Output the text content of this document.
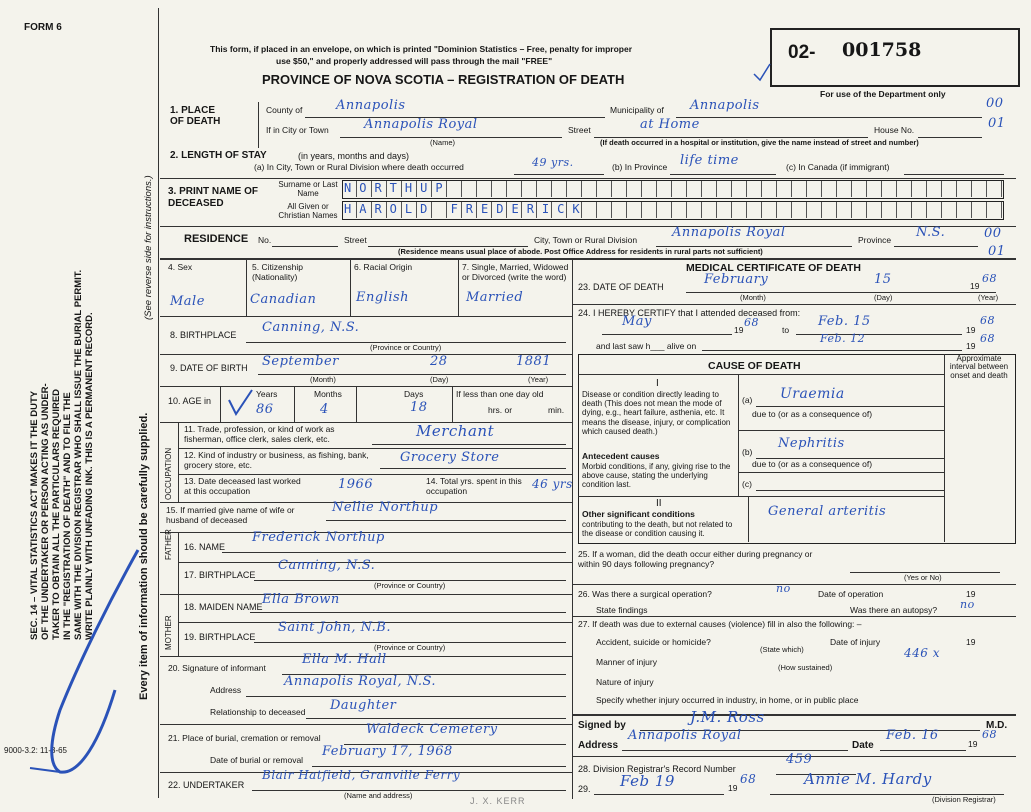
FORM 6
SEC. 14 – VITAL STATISTICS ACT MAKES IT THE DUTY OF THE UNDERTAKER OR PERSON ACTING AS UNDER- TAKER TO OBTAIN ALL THE PARTICULARS REQUIRED IN THE "REGISTRATION OF DEATH" AND TO FILE THE SAME WITH THE DIVISION REGISTRAR WHO SHALL ISSUE THE BURIAL PERMIT. WRITE PLAINLY WITH UNFADING INK. THIS IS A PERMANENT RECORD.	Every item of information should be carefully supplied.
(See reverse side for instructions.)
9000-3.2: 11-3-65
This form, if placed in an envelope, on which is printed "Dominion Statistics – Free, penalty for improper
use $50," and properly addressed will pass through the mail "FREE"
PROVINCE OF NOVA SCOTIA – REGISTRATION OF DEATH
02- 001758
For use of the Department only
1. PLACE OF DEATH
County of	Annapolis	Municipality of Annapolis	00
If in City or Town	Annapolis Royal
(Name)
Street	at Home	House No.	01
(If death occurred in a hospital or institution, give the name instead of street and number)
2. LENGTH OF STAY	(in years, months and days)
(a) In City, Town or Rural Division where death occurred	49 yrs.	(b) In Province life time	(c) In Canada (if immigrant)
3. PRINT NAME OF DECEASED
Surname or Last Name
All Given or Christian Names
NORTHUP
HAROLD FREDERICK
RESIDENCE No.	Street	City, Town or Rural Division	Annapolis Royal	Province N.S.	00
01
(Residence means usual place of abode. Post Office Address for residents in rural parts not sufficient)
4. Sex	5. Citizenship (Nationality)
6. Racial Origin	7. Single, Married, Widowed or Divorced (write the word)
Male	Canadian	English	Married
8. BIRTHPLACE Canning, N.S.
(Province or Country)
9. DATE OF BIRTH September	28	1881
(Month)	(Day)	(Year)
10. AGE in
Years	Months	Days
86	4	18
If less than one day old
hrs. or	min.
OCCUPATION
11. Trade, profession, or kind of work as fisherman, office clerk, sales clerk, etc.	Merchant
12. Kind of industry or business, as fishing, bank, grocery store, etc.	Grocery Store
13. Date deceased last worked at this occupation	1966	14. Total yrs. spent in this occupation	46 yrs
15. If married give name of wife or husband of deceased
Nellie Northup
FATHER 16. NAME
Frederick Northup
17. BIRTHPLACE
Canning, N.S.
(Province or Country)
MOTHER
18. MAIDEN NAME Ella Brown
19. BIRTHPLACE
Saint John, N.B.
(Province or Country)
20. Signature of informant
Ella M. Hall
Address
Annapolis Royal, N.S.
Relationship to deceased Daughter
21. Place of burial, cremation or removal
Waldeck Cemetery
Date of burial or removal
February 17, 1968
22. UNDERTAKER
Blair Hatfield, Granville Ferry
(Name and address)
J. X. KERR
MEDICAL CERTIFICATE OF DEATH
23. DATE OF DEATH	February	15	19
68
(Month)	(Day)	(Year)
24. I HEREBY CERTIFY that I attended deceased from:
May
19
68
to
Feb. 15
19
68
and last saw h___ alive on
Feb. 12
19
68
CAUSE OF DEATH
Approximate interval between onset and death
I
Disease or condition directly leading to death (This does not mean the mode of dying, e.g., heart failure, asthenia, etc. It means the disease, injury, or complication which caused death.)
(a) Uraemia
due to (or as a consequence of)
Antecedent causes
Morbid conditions, if any, giving rise to the above cause, stating the underlying condition last.
(b)
Nephritis
due to (or as a consequence of)
(c)
II
Other significant conditions
contributing to the death, but not related to the disease or condition causing it.
General arteritis
25. If a woman, did the death occur either during pregnancy or within 90 days following pregnancy?
(Yes or No)
26. Was there a surgical operation?	no	Date of operation	19
State findings	Was there an autopsy? no
27. If death was due to external causes (violence) fill in also the following: –
Accident, suicide or homicide?
(State which)
Date of injury	19
Manner of injury
446 x
(How sustained)
Nature of injury
Specify whether injury occurred in industry, in home, or in public place
Signed by	J.M. Ross	M.D.
Address
Annapolis Royal
Date
Feb. 16
19
68
28. Division Registrar's Record Number
459
29. Feb 19	19
68	Annie M. Hardy
(Division Registrar)
